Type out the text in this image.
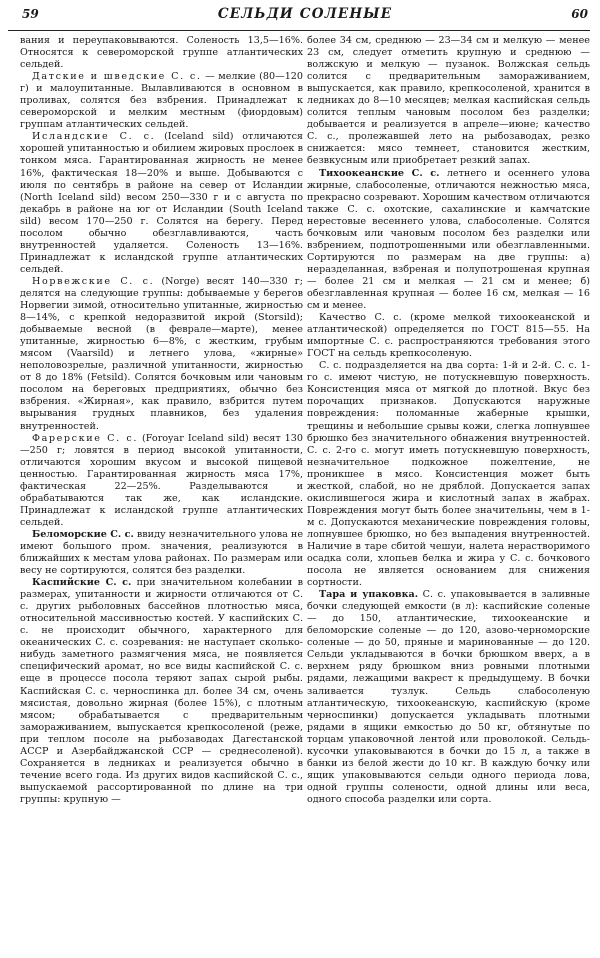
59	СЕЛЬДИ СОЛЕНЫЕ	60

вания и переупаковываются. Соленость 13,5—16%. Относятся к североморской группе атлантических сельдей.

Датские и шведские С. с. — мелкие (80—120 г) и малоупитанные. Вылавливаются в основном в проливах, солятся без взбрения. Принадлежат к североморской и мелким местным (фиордовым) группам атлантических сельдей.

Исландские С. с. (Iceland sild) отличаются хорошей упитанностью и обилием жировых прослоек в тонком мяса. Гарантированная жирность не менее 16%, фактическая 18—20% и выше. Добываются с июля по сентябрь в районе на север от Исландии (North Iceland sild) весом 250—330 г и с августа по декабрь в районе на юг от Исландии (South Iceland sild) весом 170—250 г. Солятся на берегу. Перед посолом обычно обезглавливаются, часть внутренностей удаляется. Соленость 13—16%. Принадлежат к исландской группе атлантических сельдей.

Норвежские С. с. (Norge) весят 140—330 г; делятся на следующие группы: добываемые у берегов Норвегии зимой, относительно упитанные, жирностью 8—14%, с крепкой недоразвитой икрой (Storsild); добываемые весной (в феврале—марте), менее упитанные, жирностью 6—8%, с жестким, грубым мясом (Vaarsild) и летнего улова, «жирные» неполовозрелые, различной упитанности, жирностью от 8 до 18% (Fetsild). Солятся бочковым или чановым посолом на береговых предприятиях, обычно без взбрения. «Жирная», как правило, взбрится путем вырывания грудных плавников, без удаления внутренностей.

Фарерские С. с. (Foroyar Iceland sild) весят 130—250 г; ловятся в период высокой упитанности, отличаются хорошим вкусом и высокой пищевой ценностью. Гарантированная жирность мяса 17%, фактическая 22—25%. Разделываются и обрабатываются так же, как исландские. Принадлежат к исландской группе атлантических сельдей.

Беломорские С. с. ввиду незначительного улова не имеют большого пром. значения, реализуются в ближайших к местам улова районах. По размерам или весу не сортируются, солятся без разделки.

Каспийские С. с. при значительном колебании в размерах, упитанности и жирности отличаются от С. с. других рыболовных бассейнов плотностью мяса, относительной массивностью костей. У каспийских С. с. не происходит обычного, характерного для океанических С. с. созревания: не наступает сколько-нибудь заметного размягчения мяса, не появляется специфический аромат, но все виды каспийской С. с. еще в процессе посола теряют запах сырой рыбы. Каспийская С. с. черноспинка дл. более 34 см, очень мясистая, довольно жирная (более 15%), с плотным мясом; обрабатывается с предварительным замораживанием, выпускается крепкосоленой (реже, при теплом посоле на рыбозаводах Дагестанской АССР и Азербайджанской ССР — среднесоленой). Сохраняется в ледниках и реализуется обычно в течение всего года. Из других видов каспийской С. с., выпускаемой рассортированной по длине на три группы: крупную —

более 34 см, среднюю — 23—34 см и мелкую — менее 23 см, следует отметить крупную и среднюю — волжскую и мелкую — пузанок. Волжская сельдь солится с предварительным замораживанием, выпускается, как правило, крепкосоленой, хранится в ледниках до 8—10 месяцев; мелкая каспийская сельдь солится теплым чановым посолом без разделки; добывается и реализуется в апреле—июне; качество С. с., пролежавшей лето на рыбозаводах, резко снижается: мясо темнеет, становится жестким, безвкусным или приобретает резкий запах.

Тихоокеанские С. с. летнего и осеннего улова жирные, слабосоленые, отличаются нежностью мяса, прекрасно созревают. Хорошим качеством отличаются также С. с. охотские, сахалинские и камчатские нерестовые весеннего улова, слабосоленые. Солятся бочковым или чановым посолом без разделки или взбрением, подпотрошенными или обезглавленными. Сортируются по размерам на две группы: а) неразделанная, взбреная и полупотрошеная крупная — более 21 см и мелкая — 21 см и менее; б) обезглавленная крупная — более 16 см, мелкая — 16 см и менее.

Качество С. с. (кроме мелкой тихоокеанской и атлантической) определяется по ГОСТ 815—55. На импортные С. с. распространяются требования этого ГОСТ на сельдь крепкосоленую.

С. с. подразделяется на два сорта: 1-й и 2-й. С. с. 1-го с. имеют чистую, не потускневшую поверхность. Консистенция мяса от мягкой до плотной. Вкус без порочащих признаков. Допускаются наружные повреждения: поломанные жаберные крышки, трещины и небольшие срывы кожи, слегка лопнувшее брюшко без значительного обнажения внутренностей. С. с. 2-го с. могут иметь потускневшую поверхность, незначительное подкожное пожелтение, не проникшее в мясо. Консистенция может быть жесткой, слабой, но не дряблой. Допускается запах окислившегося жира и кислотный запах в жабрах. Повреждения могут быть более значительны, чем в 1-м с. Допускаются механические повреждения головы, лопнувшее брюшко, но без выпадения внутренностей. Наличие в таре сбитой чешуи, налета нерастворимого осадка соли, хлопьев белка и жира у С. с. бочкового посола не является основанием для снижения сортности.

Тара и упаковка. С. с. упаковывается в заливные бочки следующей емкости (в л): каспийские соленые — до 150, атлантические, тихоокеанские и беломорские соленые — до 120, азово-черноморские соленые — до 50, пряные и маринованные — до 120. Сельди укладываются в бочки брюшком вверх, а в верхнем ряду брюшком вниз ровными плотными рядами, лежащими вакрест к предыдущему. В бочки заливается тузлук. Сельдь слабосоленую атлантическую, тихоокеанскую, каспийскую (кроме черноспинки) допускается укладывать плотными рядами в ящики емкостью до 50 кг, обтянутые по торцам упаковочной лентой или проволокой. Сельдь-кусочки упаковываются в бочки до 15 л, а также в банки из белой жести до 10 кг. В каждую бочку или ящик упаковываются сельди одного периода лова, одной группы солености, одной длины или веса, одного способа разделки или сорта.
